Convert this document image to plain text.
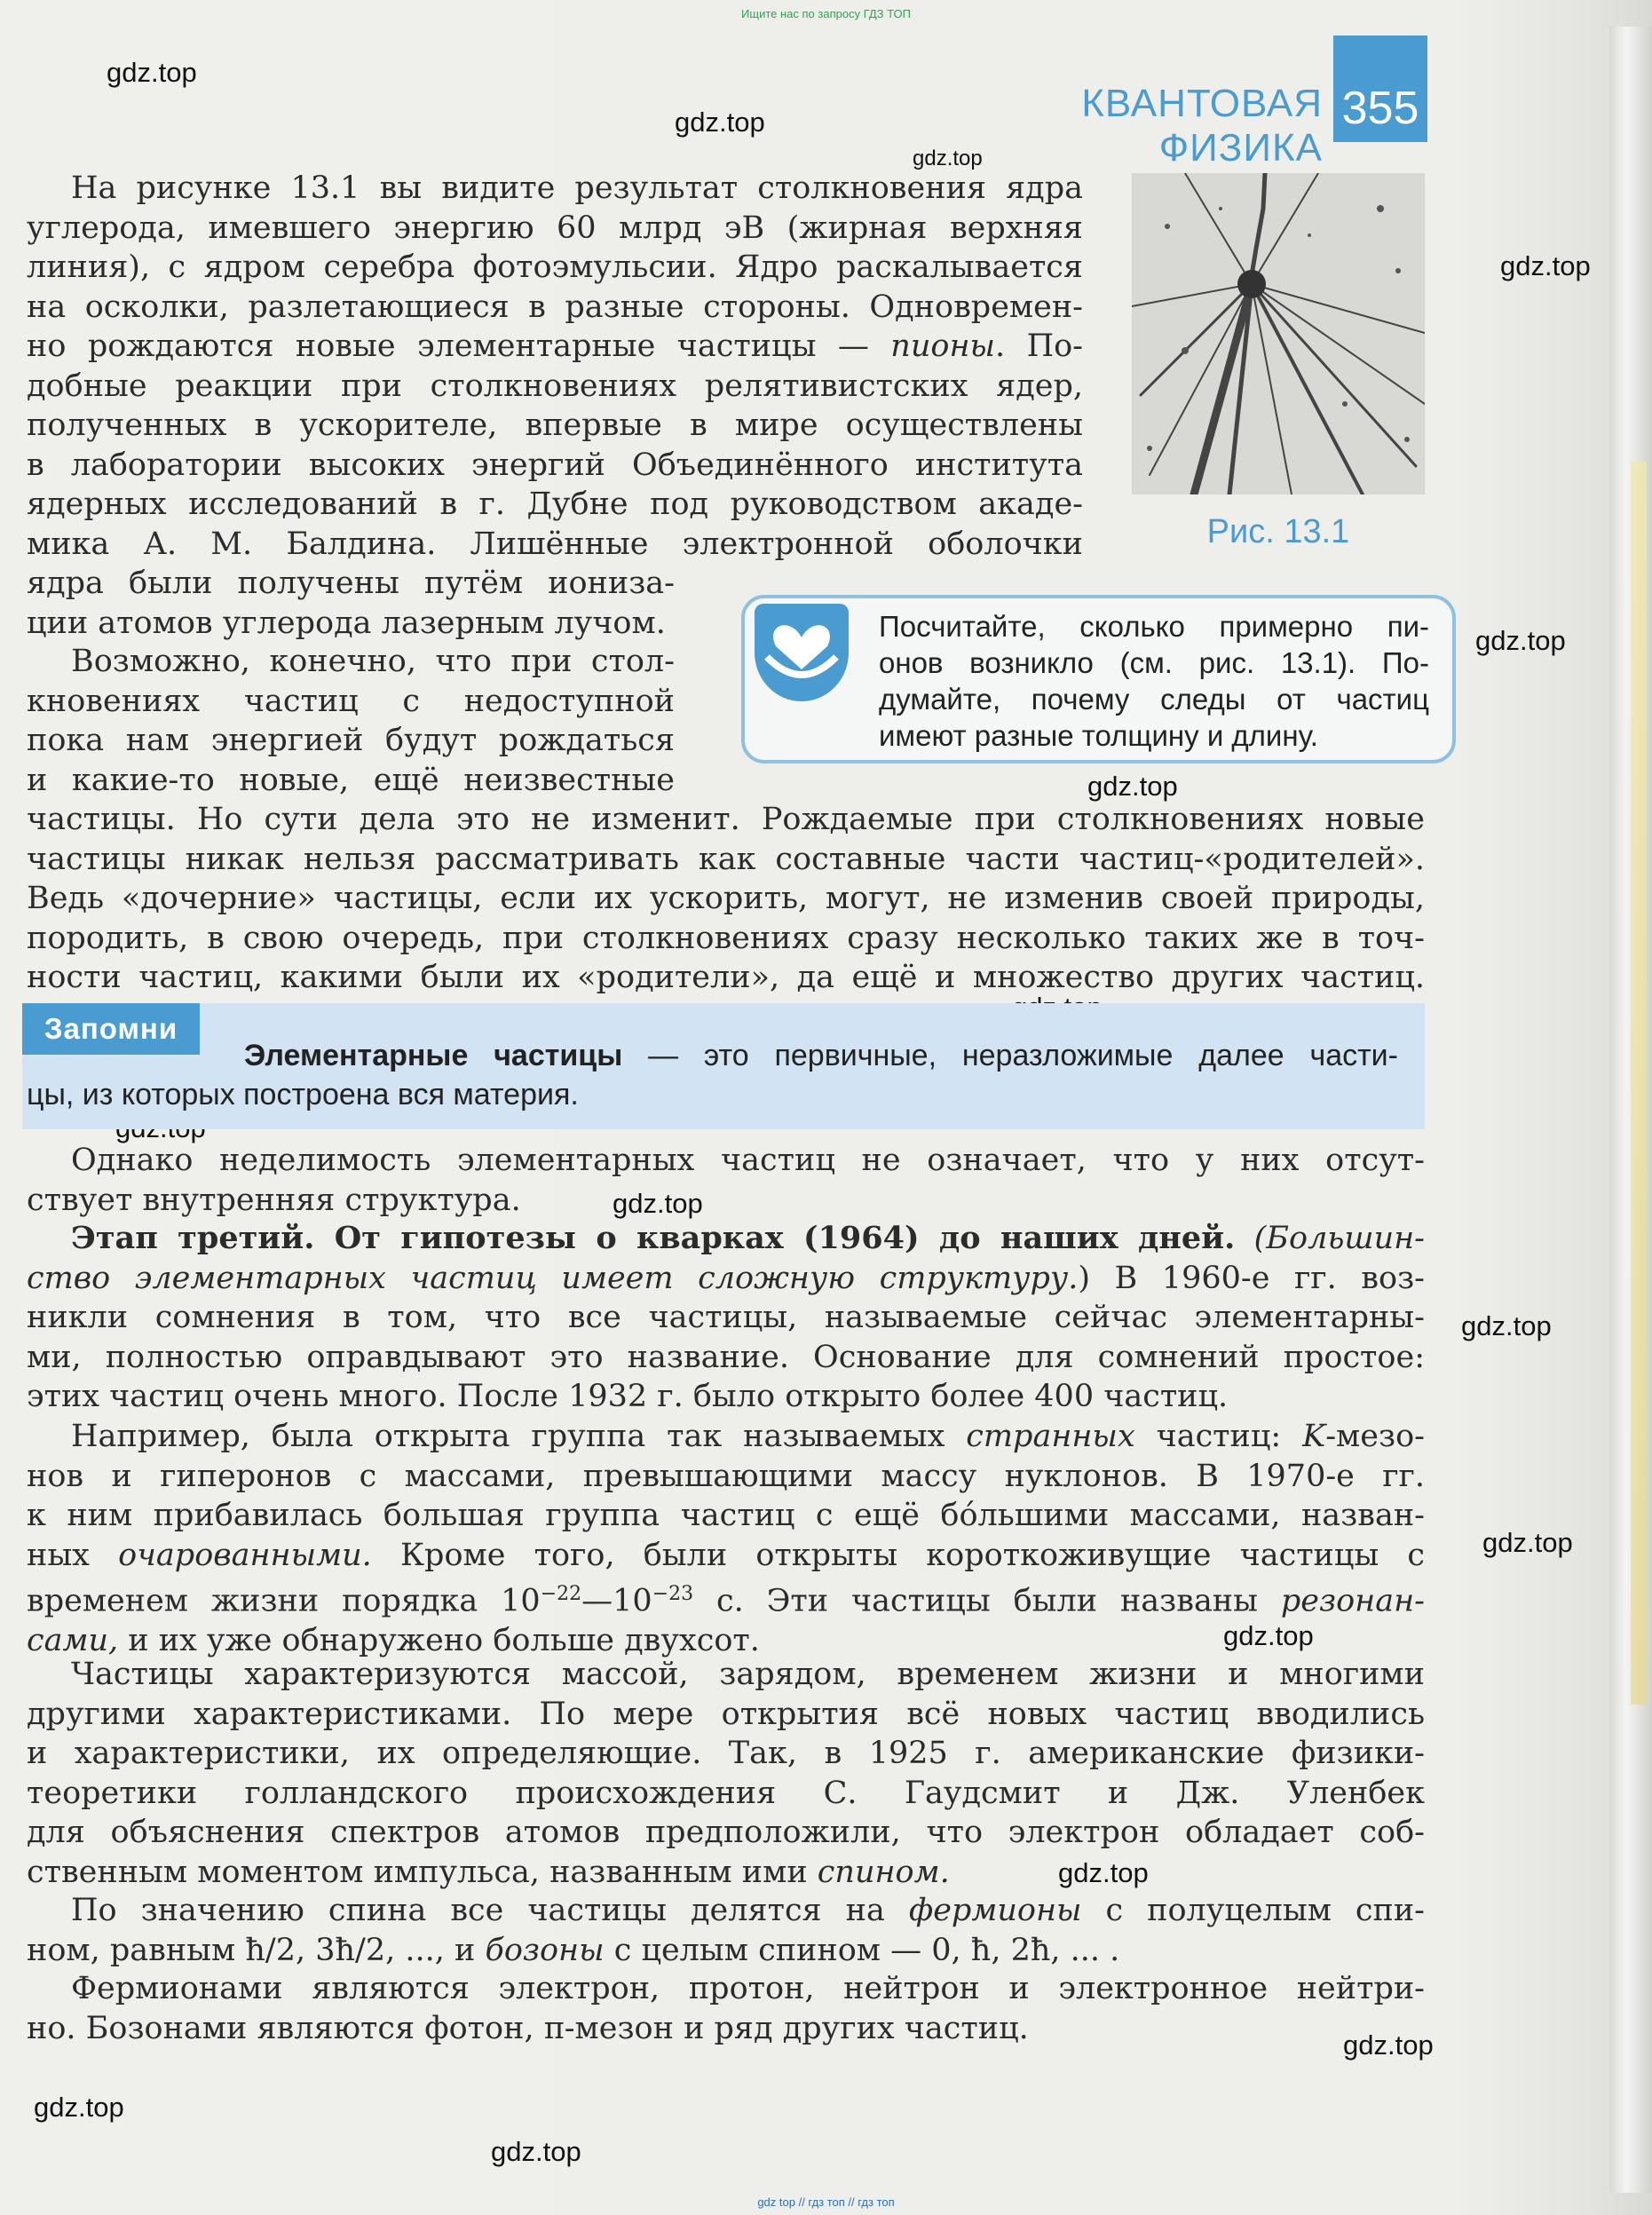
Ищите нас по запросу ГДЗ ТОП
КВАНТОВАЯ ФИЗИКА
355
gdz.top
gdz.top
gdz.top
gdz.top
gdz.top
gdz.top
gdz.top
gdz.top
gdz.top
gdz.top
gdz.top
gdz.top
gdz.top
gdz.top
На рисунке 13.1 вы видите результат столкновения ядра
углерода, имевшего энергию 60 млрд эВ (жирная верхняя
линия), с ядром серебра фотоэмульсии. Ядро раскалывается
на осколки, разлетающиеся в разные стороны. Одновремен-
но рождаются новые элементарные частицы — пионы. По-
добные реакции при столкновениях релятивистских ядер,
полученных в ускорителе, впервые в мире осуществлены
в лаборатории высоких энергий Объединённого института
ядерных исследований в г. Дубне под руководством акаде-
мика А. М. Балдина. Лишённые электронной оболочки
ядра были получены путём ионизa-
ции атомов углерода лазерным лучом.
Рис. 13.1
Посчитайте, сколько примерно пи-
онов возникло (см. рис. 13.1). По-
думайте, почему следы от частиц
имеют разные толщину и длину.
Возможно, конечно, что при стол-
кновениях частиц с недоступной
пока нам энергией будут рождаться
и какие-то новые, ещё неизвестные
частицы. Но сути дела это не изменит. Рождаемые при столкновениях новые
частицы никак нельзя рассматривать как составные части частиц-«родителей».
Ведь «дочерние» частицы, если их ускорить, могут, не изменив своей природы,
породить, в свою очередь, при столкновениях сразу несколько таких же в точ-
ности частиц, какими были их «родители», да ещё и множество других частиц.
Запомни
Элементарные частицы — это первичные, неразложимые далее части-
цы, из которых построена вся материя.
Однако неделимость элементарных частиц не означает, что у них отсут-
ствует внутренняя структура.
Этап третий. От гипотезы о кварках (1964) до наших дней. (Большин-
ство элементарных частиц имеет сложную структуру.) В 1960-е гг. воз-
никли сомнения в том, что все частицы, называемые сейчас элементарны-
ми, полностью оправдывают это название. Основание для сомнений простое:
этих частиц очень много. После 1932 г. было открыто более 400 частиц.
Например, была открыта группа так называемых странных частиц: K-мезо-
нов и гиперонов с массами, превышающими массу нуклонов. В 1970-е гг.
к ним прибавилась большая группа частиц с ещё бóльшими массами, назван-
ных очарованными. Кроме того, были открыты короткоживущие частицы с
временем жизни порядка $10^{-22}—10^{-23}$ с. Эти частицы были названы резонан-
сами, и их уже обнаружено больше двухсот.
Частицы характеризуются массой, зарядом, временем жизни и многими
другими характеристиками. По мере открытия всё новых частиц вводились
и характеристики, их определяющие. Так, в 1925 г. американские физики-
теоретики голландского происхождения С. Гаудсмит и Дж. Уленбек
для объяснения спектров атомов предположили, что электрон обладает соб-
ственным моментом импульса, названным ими спином.
По значению спина все частицы делятся на фермионы с полуцелым спи-
ном, равным ħ/2, 3ħ/2, ..., и бозоны с целым спином — 0, ħ, 2ħ, ... .
Фермионами являются электрон, протон, нейтрон и электронное нейтри-
но. Бозонами являются фотон, π-мезон и ряд других частиц.
gdz top // гдз топ // гдз топ
